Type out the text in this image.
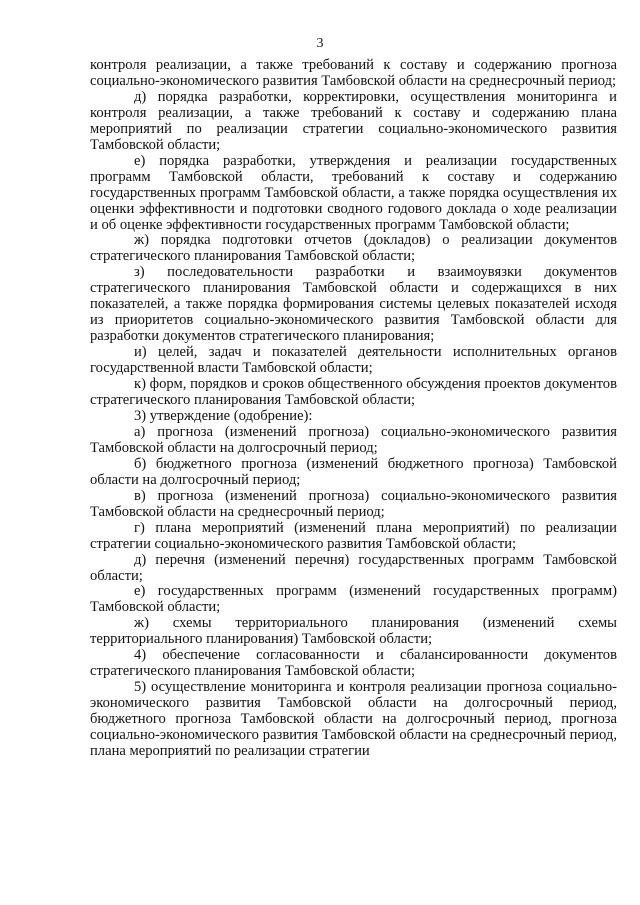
3

контроля реализации, а также требований к составу и содержанию прогноза социально-экономического развития Тамбовской области на среднесрочный период;

д) порядка разработки, корректировки, осуществления мониторинга и контроля реализации, а также требований к составу и содержанию плана мероприятий по реализации стратегии социально-экономического развития Тамбовской области;

е) порядка разработки, утверждения и реализации государственных программ Тамбовской области, требований к составу и содержанию государственных программ Тамбовской области, а также порядка осуществления их оценки эффективности и подготовки сводного годового доклада о ходе реализации и об оценке эффективности государственных программ Тамбовской области;

ж) порядка подготовки отчетов (докладов) о реализации документов стратегического планирования Тамбовской области;

з) последовательности разработки и взаимоувязки документов стратегического планирования Тамбовской области и содержащихся в них показателей, а также порядка формирования системы целевых показателей исходя из приоритетов социально-экономического развития Тамбовской области для разработки документов стратегического планирования;

и) целей, задач и показателей деятельности исполнительных органов государственной власти Тамбовской области;

к) форм, порядков и сроков общественного обсуждения проектов документов стратегического планирования Тамбовской области;

3) утверждение (одобрение):

а) прогноза (изменений прогноза) социально-экономического развития Тамбовской области на долгосрочный период;

б) бюджетного прогноза (изменений бюджетного прогноза) Тамбовской области на долгосрочный период;

в) прогноза (изменений прогноза) социально-экономического развития Тамбовской области на среднесрочный период;

г) плана мероприятий (изменений плана мероприятий) по реализации стратегии социально-экономического развития Тамбовской области;

д) перечня (изменений перечня) государственных программ Тамбовской области;

е) государственных программ (изменений государственных программ) Тамбовской области;

ж) схемы территориального планирования (изменений схемы территориального планирования) Тамбовской области;

4) обеспечение согласованности и сбалансированности документов стратегического планирования Тамбовской области;

5) осуществление мониторинга и контроля реализации прогноза социально-экономического развития Тамбовской области на долгосрочный период, бюджетного прогноза Тамбовской области на долгосрочный период, прогноза социально-экономического развития Тамбовской области на среднесрочный период, плана мероприятий по реализации стратегии
